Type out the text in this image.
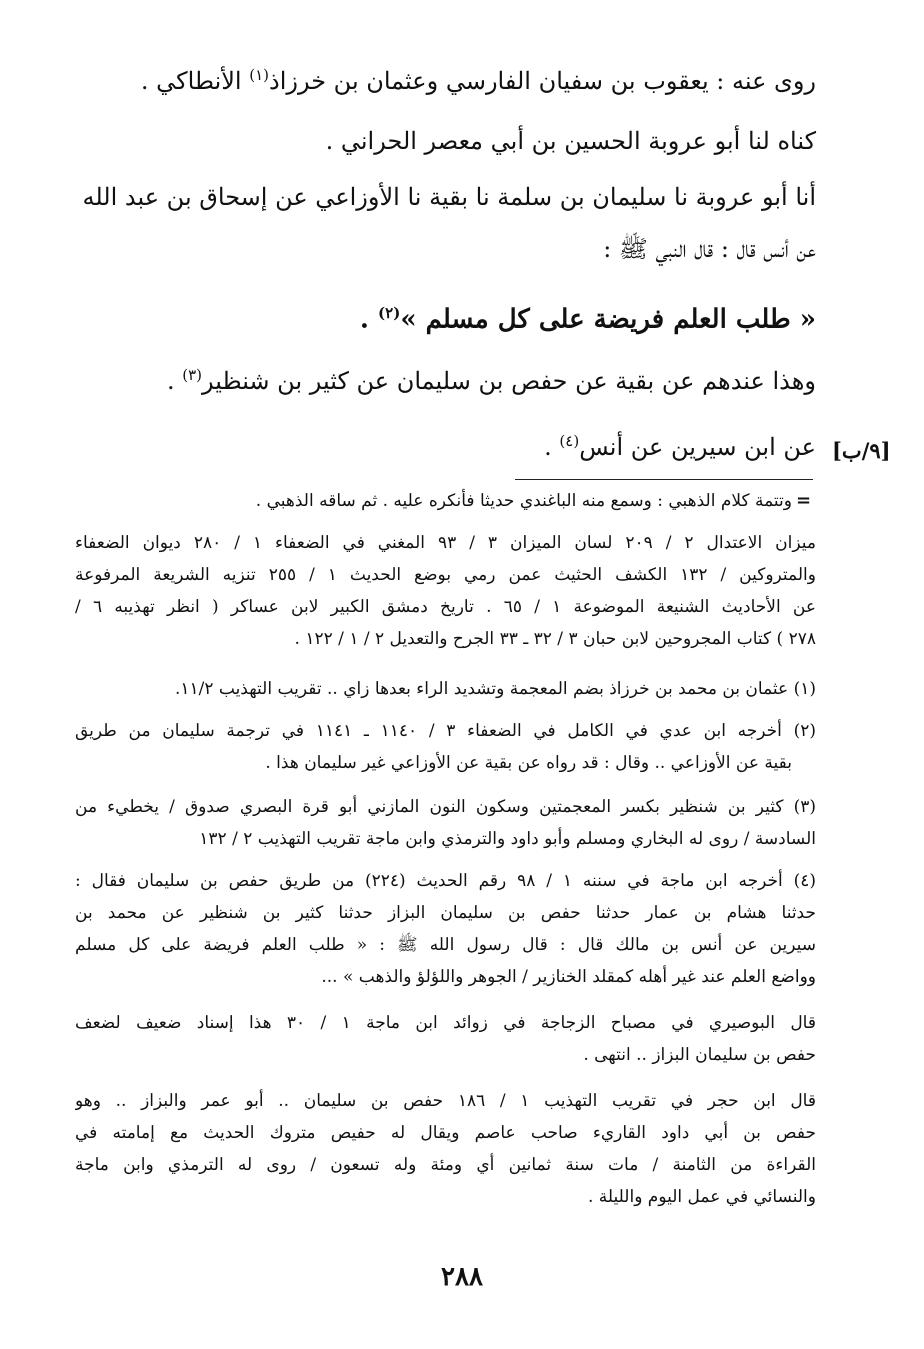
روى عنه : يعقوب بن سفيان الفارسي وعثمان بن خرزاذ$^{(١)}$ الأنطاكي .
كناه لنا أبو عروبة الحسين بن أبي معصر الحراني .
أنا أبو عروبة نا سليمان بن سلمة نا بقية نا الأوزاعي عن إسحاق بن عبد الله
عن أنس قال : قال النبي ﷺ :
« طلب العلم فريضة على كل مسلم »$^{(٢)}$ .
وهذا عندهم عن بقية عن حفص بن سليمان عن كثير بن شنظير$^{(٣)}$ .
عن ابن سيرين عن أنس$^{(٤)}$ .	[٩/ب]
=
وتتمة كلام الذهبي : وسمع منه الباغندي حديثا فأنكره عليه . ثم ساقه الذهبي .
ميزان الاعتدال ٢ / ٢٠٩ لسان الميزان ٣ / ٩٣ المغني في الضعفاء ١ / ٢٨٠ ديوان الضعفاء
والمتروكين / ١٣٢ الكشف الحثيث عمن رمي بوضع الحديث ١ / ٢٥٥ تنزيه الشريعة المرفوعة
عن الأحاديث الشنيعة الموضوعة ١ / ٦٥ . تاريخ دمشق الكبير لابن عساكر ( انظر تهذيبه ٦ /
٢٧٨ ) كتاب المجروحين لابن حبان ٣ / ٣٢ ـ ٣٣ الجرح والتعديل ٢ / ١ / ١٢٢ .
(١) عثمان بن محمد بن خرزاذ بضم المعجمة وتشديد الراء بعدها زاي .. تقريب التهذيب ١١/٢.
(٢) أخرجه ابن عدي في الكامل في الضعفاء ٣ / ١١٤٠ ـ ١١٤١ في ترجمة سليمان من طريق
بقية عن الأوزاعي .. وقال : قد رواه عن بقية عن الأوزاعي غير سليمان هذا .
(٣) كثير بن شنظير بكسر المعجمتين وسكون النون المازني أبو قرة البصري صدوق / يخطيء من
السادسة / روى له البخاري ومسلم وأبو داود والترمذي وابن ماجة تقريب التهذيب ٢ / ١٣٢
(٤) أخرجه ابن ماجة في سننه ١ / ٩٨ رقم الحديث (٢٢٤) من طريق حفص بن سليمان فقال :
حدثنا هشام بن عمار حدثنا حفص بن سليمان البزاز حدثنا كثير بن شنظير عن محمد بن
سيرين عن أنس بن مالك قال : قال رسول الله ﷺ : « طلب العلم فريضة على كل مسلم
وواضع العلم عند غير أهله كمقلد الخنازير / الجوهر واللؤلؤ والذهب » ...
قال البوصيري في مصباح الزجاجة في زوائد ابن ماجة ١ / ٣٠ هذا إسناد ضعيف لضعف
حفص بن سليمان البزاز .. انتهى .
قال ابن حجر في تقريب التهذيب ١ / ١٨٦ حفص بن سليمان .. أبو عمر والبزاز .. وهو
حفص بن أبي داود القاريء صاحب عاصم ويقال له حفيص متروك الحديث مع إمامته في
القراءة من الثامنة / مات سنة ثمانين أي ومئة وله تسعون / روى له الترمذي وابن ماجة
والنسائي في عمل اليوم والليلة .
٢٨٨
